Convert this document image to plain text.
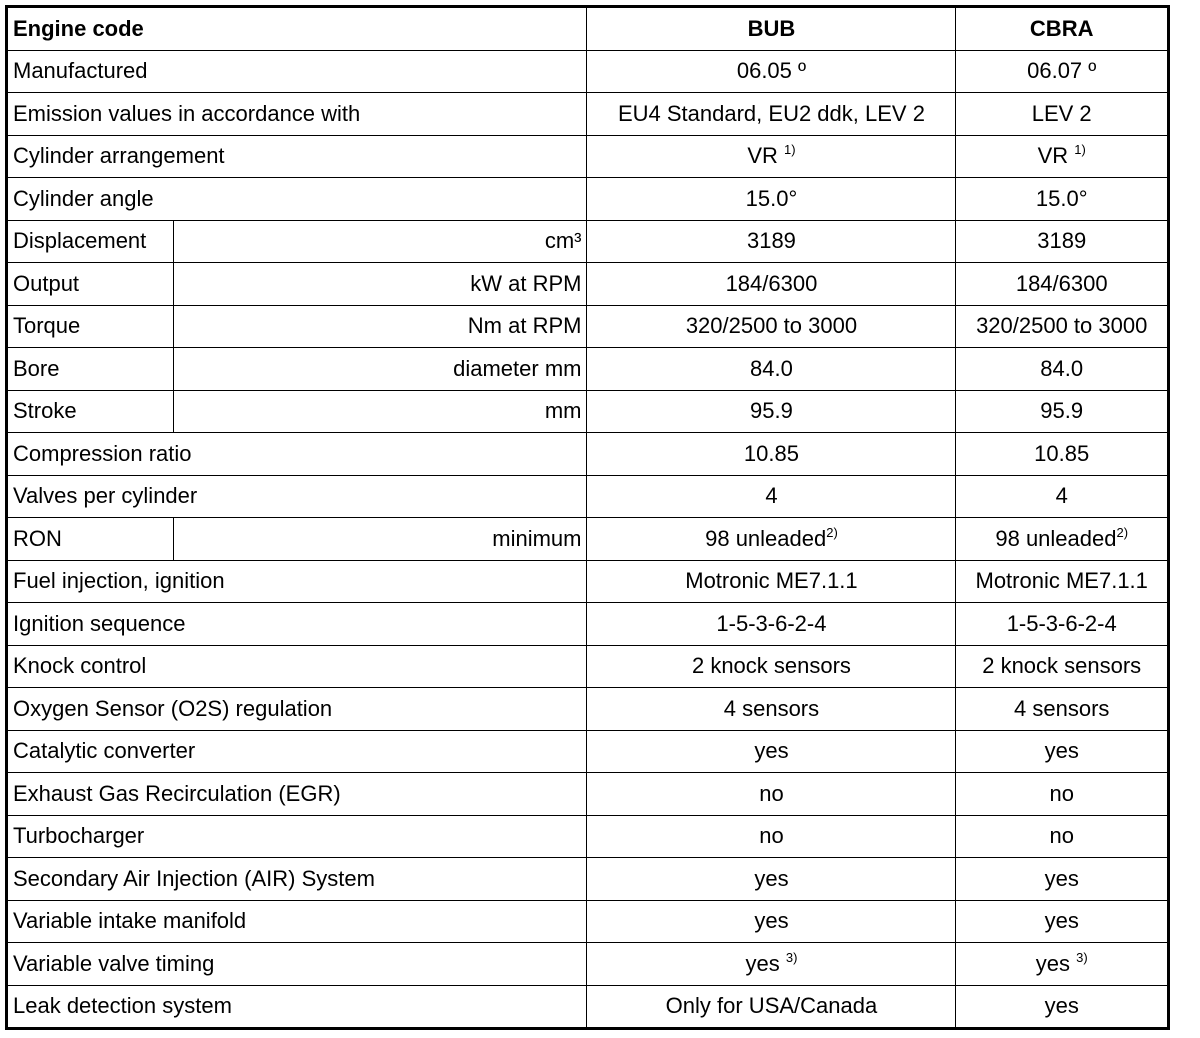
Engine code		BUB	CBRA
Manufactured		06.05 º	06.07 º
Emission values in accordance with		EU4 Standard, EU2 ddk, LEV 2	LEV 2
Cylinder arrangement		VR $^{1)}$	VR $^{1)}$
Cylinder angle		15.0°	15.0°
Displacement	cm³	3189	3189
Output	kW at RPM	184/6300	184/6300
Torque	Nm at RPM	320/2500 to 3000	320/2500 to 3000
Bore	diameter mm	84.0	84.0
Stroke	mm	95.9	95.9
Compression ratio		10.85	10.85
Valves per cylinder		4	4
RON	minimum	98 unleaded$^{2)}$	98 unleaded$^{2)}$
Fuel injection, ignition		Motronic ME7.1.1	Motronic ME7.1.1
Ignition sequence		1-5-3-6-2-4	1-5-3-6-2-4
Knock control		2 knock sensors	2 knock sensors
Oxygen Sensor (O2S) regulation		4 sensors	4 sensors
Catalytic converter		yes	yes
Exhaust Gas Recirculation (EGR)		no	no
Turbocharger		no	no
Secondary Air Injection (AIR) System		yes	yes
Variable intake manifold		yes	yes
Variable valve timing		yes $^{3)}$	yes $^{3)}$
Leak detection system		Only for USA/Canada	yes
